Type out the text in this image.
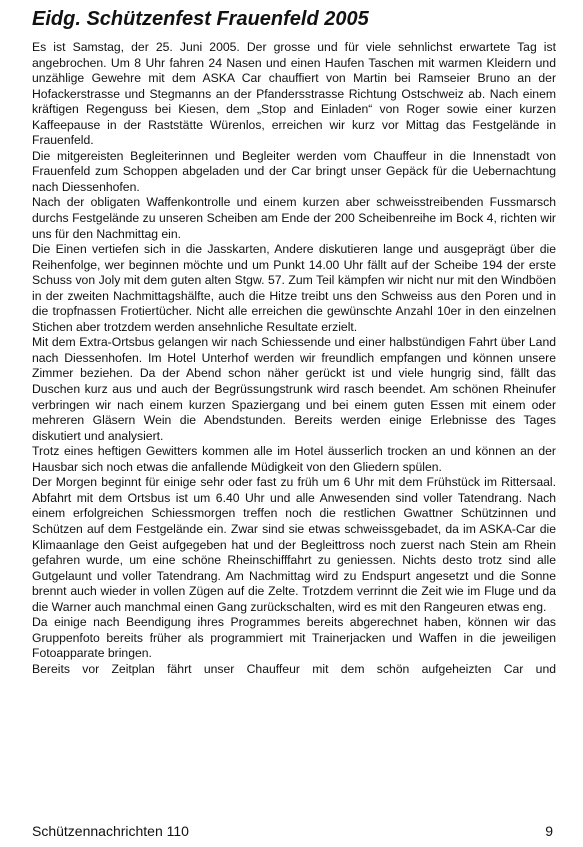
Eidg. Schützenfest Frauenfeld 2005

Es ist Samstag, der 25. Juni 2005. Der grosse und für viele sehnlichst erwartete Tag ist angebrochen. Um 8 Uhr fahren 24 Nasen und einen Haufen Taschen mit warmen Kleidern und unzählige Gewehre mit dem ASKA Car chauffiert von Martin bei Ramseier Bruno an der Hofackerstrasse und Stegmanns an der Pfandersstrasse Richtung Ostschweiz ab. Nach einem kräftigen Regenguss bei Kiesen, dem „Stop and Einladen“ von Roger sowie einer kurzen Kaffeepause in der Raststätte Würenlos, erreichen wir kurz vor Mittag das Festgelände in Frauenfeld.

Die mitgereisten Begleiterinnen und Begleiter werden vom Chauffeur in die Innenstadt von Frauenfeld zum Schoppen abgeladen und der Car bringt unser Gepäck für die Uebernachtung nach Diessenhofen.

Nach der obligaten Waffenkontrolle und einem kurzen aber schweisstreibenden Fussmarsch durchs Festgelände zu unseren Scheiben am Ende der 200 Scheibenreihe im Bock 4, richten wir uns für den Nachmittag ein.

Die Einen vertiefen sich in die Jasskarten, Andere diskutieren lange und ausgeprägt über die Reihenfolge, wer beginnen möchte und um Punkt 14.00 Uhr fällt auf der Scheibe 194 der erste Schuss von Joly mit dem guten alten Stgw. 57. Zum Teil kämpfen wir nicht nur mit den Windböen in der zweiten Nachmittagshälfte, auch die Hitze treibt uns den Schweiss aus den Poren und in die tropfnassen Frotiertücher. Nicht alle erreichen die gewünschte Anzahl 10er in den einzelnen Stichen aber trotzdem werden ansehnliche Resultate erzielt.

Mit dem Extra-Ortsbus gelangen wir nach Schiessende und einer halbstündigen Fahrt über Land nach Diessenhofen. Im Hotel Unterhof werden wir freundlich empfangen und können unsere Zimmer beziehen. Da der Abend schon näher gerückt ist und viele hungrig sind, fällt das Duschen kurz aus und auch der Begrüssungstrunk wird rasch beendet. Am schönen Rheinufer verbringen wir nach einem kurzen Spaziergang und bei einem guten Essen mit einem oder mehreren Gläsern Wein die Abendstunden. Bereits werden einige Erlebnisse des Tages diskutiert und analysiert.

Trotz eines heftigen Gewitters kommen alle im Hotel äusserlich trocken an und können an der Hausbar sich noch etwas die anfallende Müdigkeit von den Gliedern spülen.

Der Morgen beginnt für einige sehr oder fast zu früh um 6 Uhr mit dem Frühstück im Rittersaal. Abfahrt mit dem Ortsbus ist um 6.40 Uhr und alle Anwesenden sind voller Tatendrang. Nach einem erfolgreichen Schiessmorgen treffen noch die restlichen Gwattner Schützinnen und Schützen auf dem Festgelände ein. Zwar sind sie etwas schweissgebadet, da im ASKA-Car die Klimaanlage den Geist aufgegeben hat und der Begleittross noch zuerst nach Stein am Rhein gefahren wurde, um eine schöne Rheinschifffahrt zu geniessen. Nichts desto trotz sind alle Gutgelaunt und voller Tatendrang. Am Nachmittag wird zu Endspurt angesetzt und die Sonne brennt auch wieder in vollen Zügen auf die Zelte. Trotzdem verrinnt die Zeit wie im Fluge und da die Warner auch manchmal einen Gang zurückschalten, wird es mit den Rangeuren etwas eng.

Da einige nach Beendigung ihres Programmes bereits abgerechnet haben, können wir das Gruppenfoto bereits früher als programmiert mit Trainerjacken und Waffen in die jeweiligen Fotoapparate bringen.

Bereits vor Zeitplan fährt unser Chauffeur mit dem schön aufgeheizten Car und

Schützennachrichten 110	9
